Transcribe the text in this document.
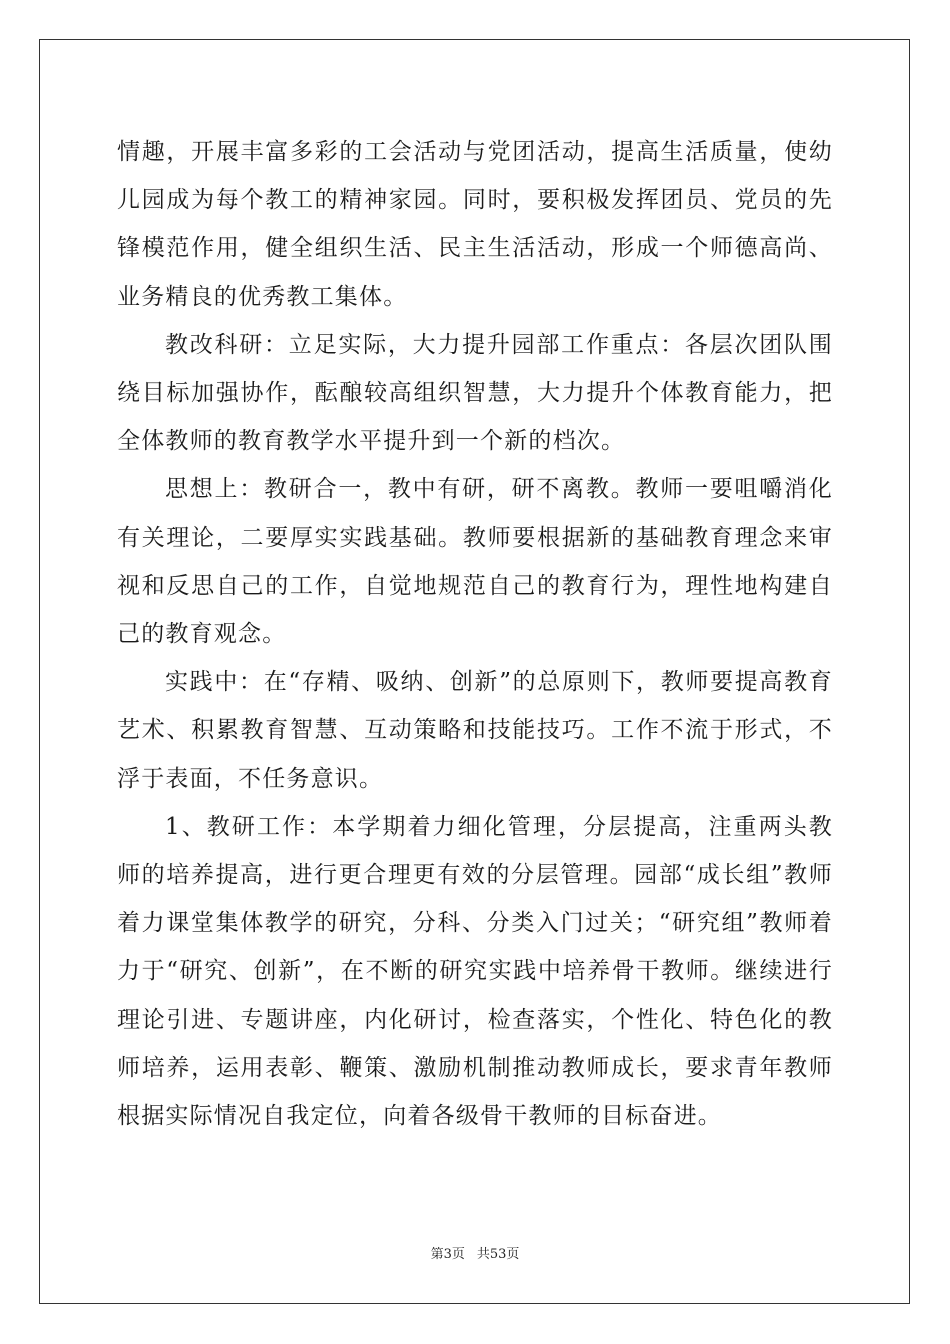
情趣，开展丰富多彩的工会活动与党团活动，提高生活质量，使幼儿园成为每个教工的精神家园。同时，要积极发挥团员、党员的先锋模范作用，健全组织生活、民主生活活动，形成一个师德高尚、业务精良的优秀教工集体。

教改科研：立足实际，大力提升园部工作重点：各层次团队围绕目标加强协作，酝酿较高组织智慧，大力提升个体教育能力，把全体教师的教育教学水平提升到一个新的档次。

思想上：教研合一，教中有研，研不离教。教师一要咀嚼消化有关理论，二要厚实实践基础。教师要根据新的基础教育理念来审视和反思自己的工作，自觉地规范自己的教育行为，理性地构建自己的教育观念。

实践中：在“存精、吸纳、创新”的总原则下，教师要提高教育艺术、积累教育智慧、互动策略和技能技巧。工作不流于形式，不浮于表面，不任务意识。

1、教研工作：本学期着力细化管理，分层提高，注重两头教师的培养提高，进行更合理更有效的分层管理。园部“成长组”教师着力课堂集体教学的研究，分科、分类入门过关；“研究组”教师着力于“研究、创新”，在不断的研究实践中培养骨干教师。继续进行理论引进、专题讲座，内化研讨，检查落实，个性化、特色化的教师培养，运用表彰、鞭策、激励机制推动教师成长，要求青年教师根据实际情况自我定位，向着各级骨干教师的目标奋进。

第3页 共53页
